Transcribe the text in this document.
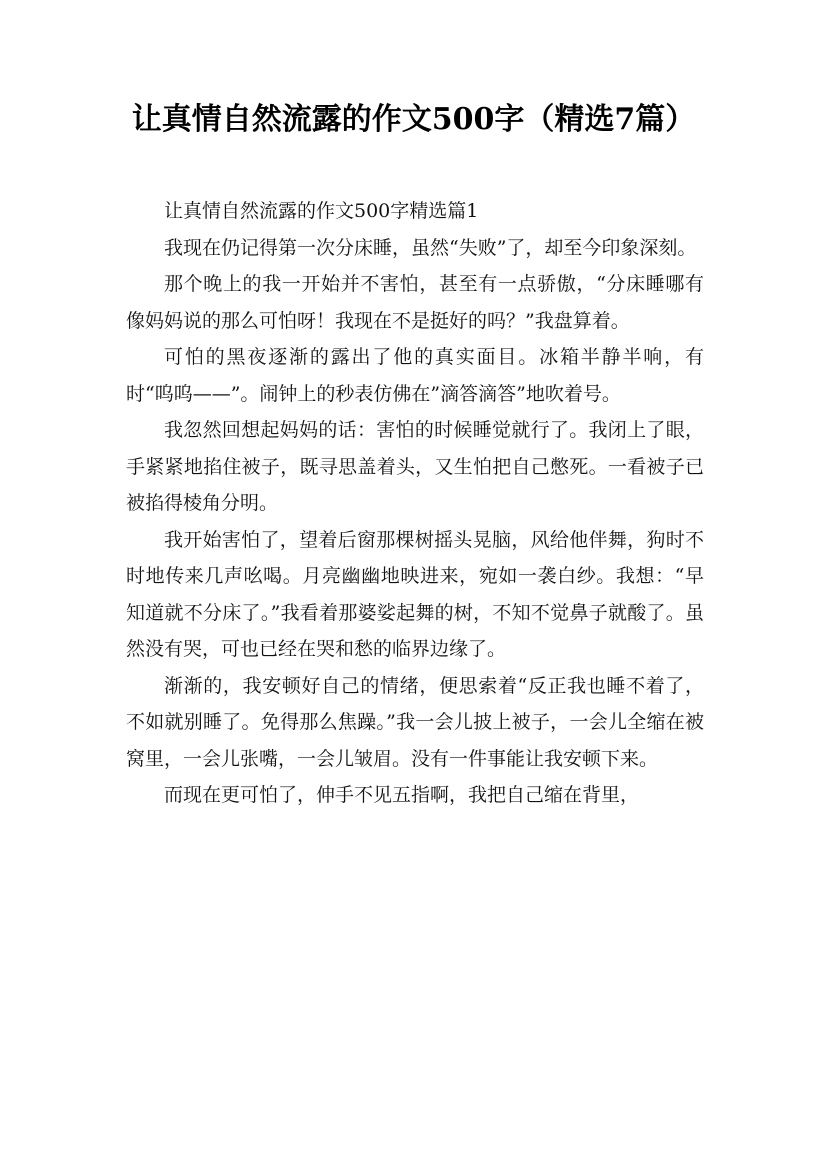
让真情自然流露的作文500字（精选7篇）

让真情自然流露的作文500字精选篇1

我现在仍记得第一次分床睡，虽然“失败”了，却至今印象深刻。

那个晚上的我一开始并不害怕，甚至有一点骄傲，“分床睡哪有像妈妈说的那么可怕呀！我现在不是挺好的吗？”我盘算着。

可怕的黑夜逐渐的露出了他的真实面目。冰箱半静半响，有时“呜呜——”。闹钟上的秒表仿佛在”滴答滴答”地吹着号。

我忽然回想起妈妈的话：害怕的时候睡觉就行了。我闭上了眼，手紧紧地掐住被子，既寻思盖着头，又生怕把自己憋死。一看被子已被掐得棱角分明。

我开始害怕了，望着后窗那棵树摇头晃脑，风给他伴舞，狗时不时地传来几声吆喝。月亮幽幽地映进来，宛如一袭白纱。我想：“早知道就不分床了。”我看着那婆娑起舞的树，不知不觉鼻子就酸了。虽然没有哭，可也已经在哭和愁的临界边缘了。

渐渐的，我安顿好自己的情绪，便思索着“反正我也睡不着了，不如就别睡了。免得那么焦躁。”我一会儿披上被子，一会儿全缩在被窝里，一会儿张嘴，一会儿皱眉。没有一件事能让我安顿下来。

而现在更可怕了，伸手不见五指啊，我把自己缩在背里，
